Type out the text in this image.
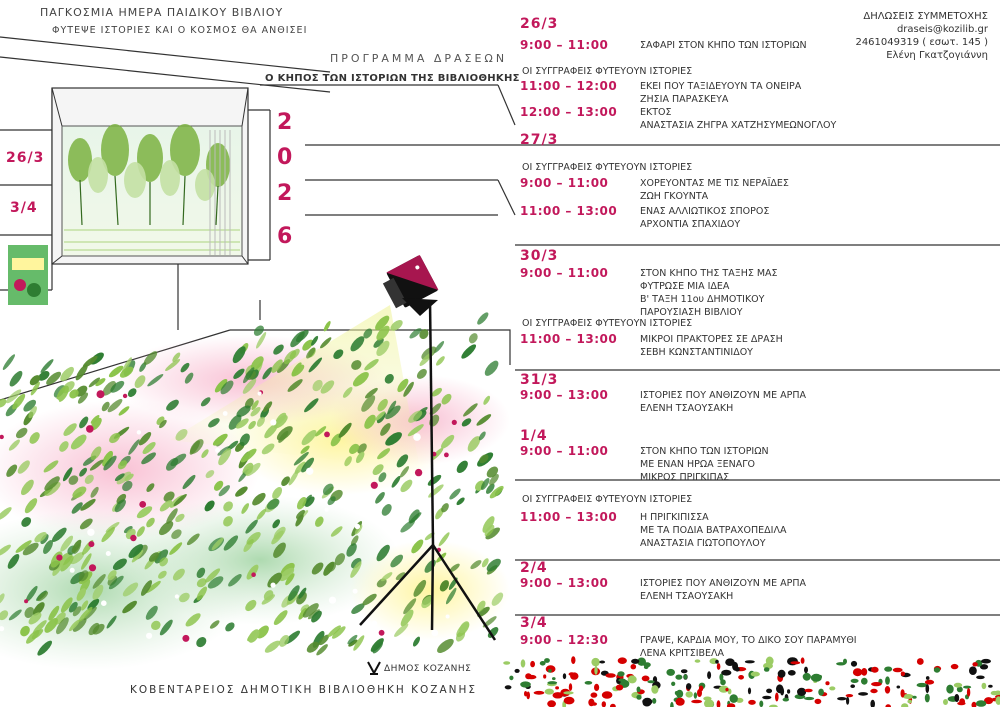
ΠΑΓΚΟΣΜΙΑ ΗΜΕΡΑ ΠΑΙΔΙΚΟΥ ΒΙΒΛΙΟΥ
ΦΥΤΕΨΕ ΙΣΤΟΡΙΕΣ ΚΑΙ Ο ΚΟΣΜΟΣ ΘΑ ΑΝΘΙΣΕΙ
ΠΡΟΓΡΑΜΜΑ ΔΡΑΣΕΩΝ
Ο ΚΗΠΟΣ ΤΩΝ ΙΣΤΟΡΙΩΝ ΤΗΣ ΒΙΒΛΙΟΘΗΚΗΣ
ΔΗΛΩΣΕΙΣ ΣΥΜΜΕΤΟΧΗΣ
draseis@kozilib.gr
2461049319 ( εσωτ. 145 )
Ελένη Γκατζογιάννη
2
0
2
6
26/3
3/4
26/3
9:00 – 11:00	ΣΑΦΑΡΙ ΣΤΟΝ ΚΗΠΟ ΤΩΝ ΙΣΤΟΡΙΩΝ
ΟΙ ΣΥΓΓΡΑΦΕΙΣ ΦΥΤΕΥΟΥΝ ΙΣΤΟΡΙΕΣ
11:00 – 12:00 ΕΚΕΙ ΠΟΥ ΤΑΞΙΔΕΥΟΥΝ ΤΑ ΟΝΕΙΡΑ
ΖΗΣΙΑ ΠΑΡΑΣΚΕΥΑ
12:00 – 13:00 ΕΚΤΟΣ
ΑΝΑΣΤΑΣΙΑ ΖΗΓΡΑ ΧΑΤΖΗΣΥΜΕΩΝΟΓΛΟΥ
27/3
ΟΙ ΣΥΓΓΡΑΦΕΙΣ ΦΥΤΕΥΟΥΝ ΙΣΤΟΡΙΕΣ
9:00 – 11:00	ΧΟΡΕΥΟΝΤΑΣ ΜΕ ΤΙΣ ΝΕΡΑΪΔΕΣ
ΖΩΗ ΓΚΟΥΝΤΑ
11:00 – 13:00 ΕΝΑΣ ΑΛΛΙΩΤΙΚΟΣ ΣΠΟΡΟΣ
ΑΡΧΟΝΤΙΑ ΣΠΑΧΙΔΟΥ
30/3
9:00 – 11:00	ΣΤΟΝ ΚΗΠΟ ΤΗΣ ΤΑΞΗΣ ΜΑΣ
ΦΥΤΡΩΣΕ ΜΙΑ ΙΔΕΑ
Β' ΤΑΞΗ 11ου ΔΗΜΟΤΙΚΟΥ
ΠΑΡΟΥΣΙΑΣΗ ΒΙΒΛΙΟΥ
ΟΙ ΣΥΓΓΡΑΦΕΙΣ ΦΥΤΕΥΟΥΝ ΙΣΤΟΡΙΕΣ
11:00 – 13:00 ΜΙΚΡΟΙ ΠΡΑΚΤΟΡΕΣ ΣΕ ΔΡΑΣΗ
ΣΕΒΗ ΚΩΝΣΤΑΝΤΙΝΙΔΟΥ
31/3
9:00 – 13:00	ΙΣΤΟΡΙΕΣ ΠΟΥ ΑΝΘΙΖΟΥΝ ΜΕ ΑΡΠΑ
ΕΛΕΝΗ ΤΣΑΟΥΣΑΚΗ
1/4
9:00 – 11:00	ΣΤΟΝ ΚΗΠΟ ΤΩΝ ΙΣΤΟΡΙΩΝ
ΜΕ ΕΝΑΝ ΗΡΩΑ ΞΕΝΑΓΟ
ΜΙΚΡΟΣ ΠΡΙΓΚΙΠΑΣ
ΟΙ ΣΥΓΓΡΑΦΕΙΣ ΦΥΤΕΥΟΥΝ ΙΣΤΟΡΙΕΣ
11:00 – 13:00 Η ΠΡΙΓΚΙΠΙΣΣΑ
ΜΕ ΤΑ ΠΟΔΙΑ ΒΑΤΡΑΧΟΠΕΔΙΛΑ
ΑΝΑΣΤΑΣΙΑ ΓΙΩΤΟΠΟΥΛΟΥ
2/4
9:00 – 13:00	ΙΣΤΟΡΙΕΣ ΠΟΥ ΑΝΘΙΖΟΥΝ ΜΕ ΑΡΠΑ
ΕΛΕΝΗ ΤΣΑΟΥΣΑΚΗ
3/4
9:00 – 12:30	ΓΡΑΨΕ, ΚΑΡΔΙΑ ΜΟΥ, ΤΟ ΔΙΚΟ ΣΟΥ ΠΑΡΑΜΥΘΙ
ΛΕΝΑ ΚΡΙΤΣΙΒΕΛΑ
ΔΗΜΟΣ ΚΟΖΑΝΗΣ
ΚΟΒΕΝΤΑΡΕΙΟΣ ΔΗΜΟΤΙΚΗ ΒΙΒΛΙΟΘΗΚΗ ΚΟΖΑΝΗΣ
